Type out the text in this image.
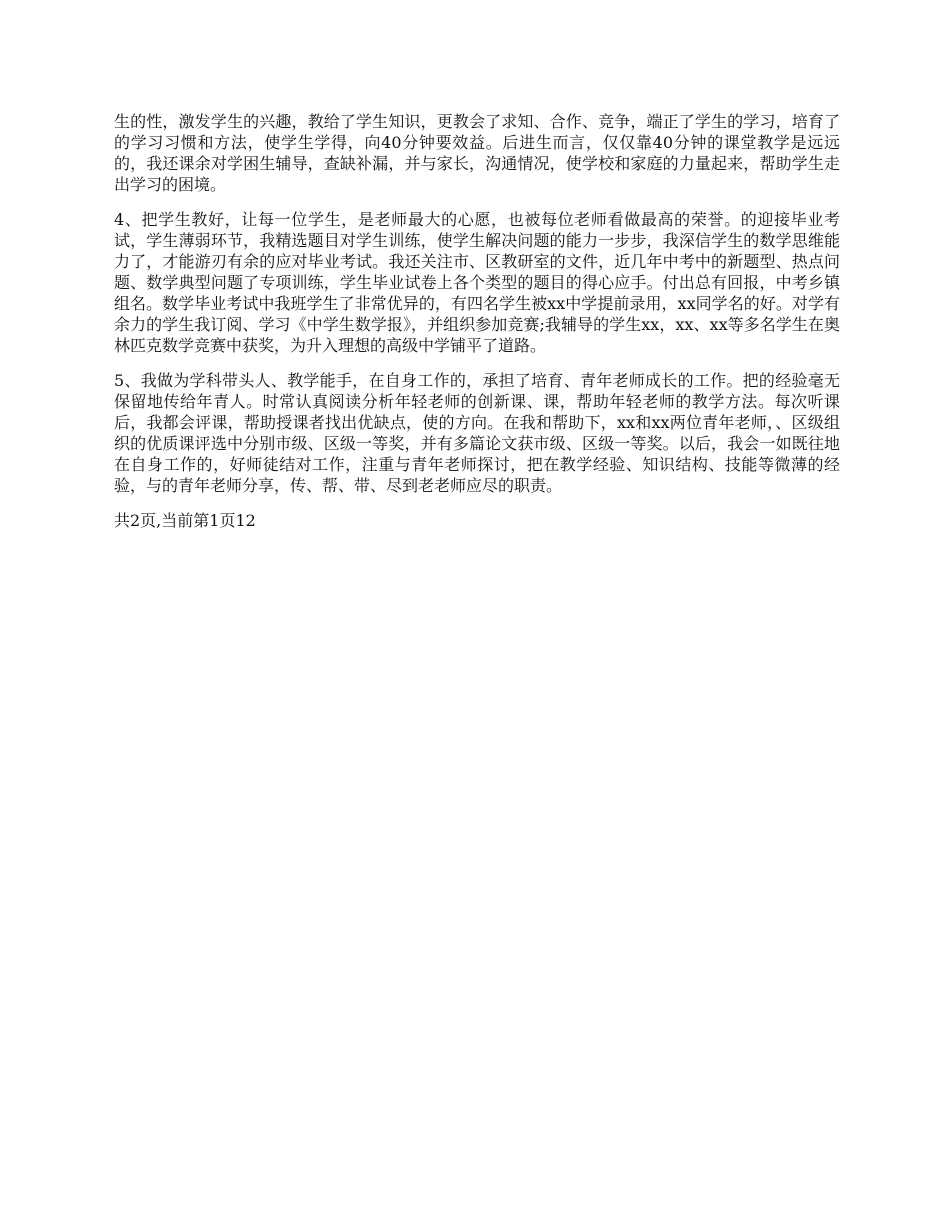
生的性，激发学生的兴趣，教给了学生知识，更教会了求知、合作、竞争，端正了学生的学习，培育了的学习习惯和方法，使学生学得，向40分钟要效益。后进生而言，仅仅靠40分钟的课堂教学是远远的，我还课余对学困生辅导，查缺补漏，并与家长，沟通情况，使学校和家庭的力量起来，帮助学生走出学习的困境。

4、把学生教好，让每一位学生，是老师最大的心愿，也被每位老师看做最高的荣誉。的迎接毕业考试，学生薄弱环节，我精选题目对学生训练，使学生解决问题的能力一步步，我深信学生的数学思维能力了，才能游刃有余的应对毕业考试。我还关注市、区教研室的文件，近几年中考中的新题型、热点问题、数学典型问题了专项训练，学生毕业试卷上各个类型的题目的得心应手。付出总有回报，中考乡镇组名。数学毕业考试中我班学生了非常优异的，有四名学生被xx中学提前录用，xx同学名的好。对学有余力的学生我订阅、学习《中学生数学报》，并组织参加竞赛;我辅导的学生xx，xx、xx等多名学生在奥林匹克数学竞赛中获奖，为升入理想的高级中学铺平了道路。

5、我做为学科带头人、教学能手，在自身工作的，承担了培育、青年老师成长的工作。把的经验毫无保留地传给年青人。时常认真阅读分析年轻老师的创新课、课，帮助年轻老师的教学方法。每次听课后，我都会评课，帮助授课者找出优缺点，使的方向。在我和帮助下，xx和xx两位青年老师，、区级组织的优质课评选中分别市级、区级一等奖，并有多篇论文获市级、区级一等奖。以后，我会一如既往地在自身工作的，好师徒结对工作，注重与青年老师探讨，把在教学经验、知识结构、技能等微薄的经验，与的青年老师分享，传、帮、带、尽到老老师应尽的职责。

共2页,当前第1页12
